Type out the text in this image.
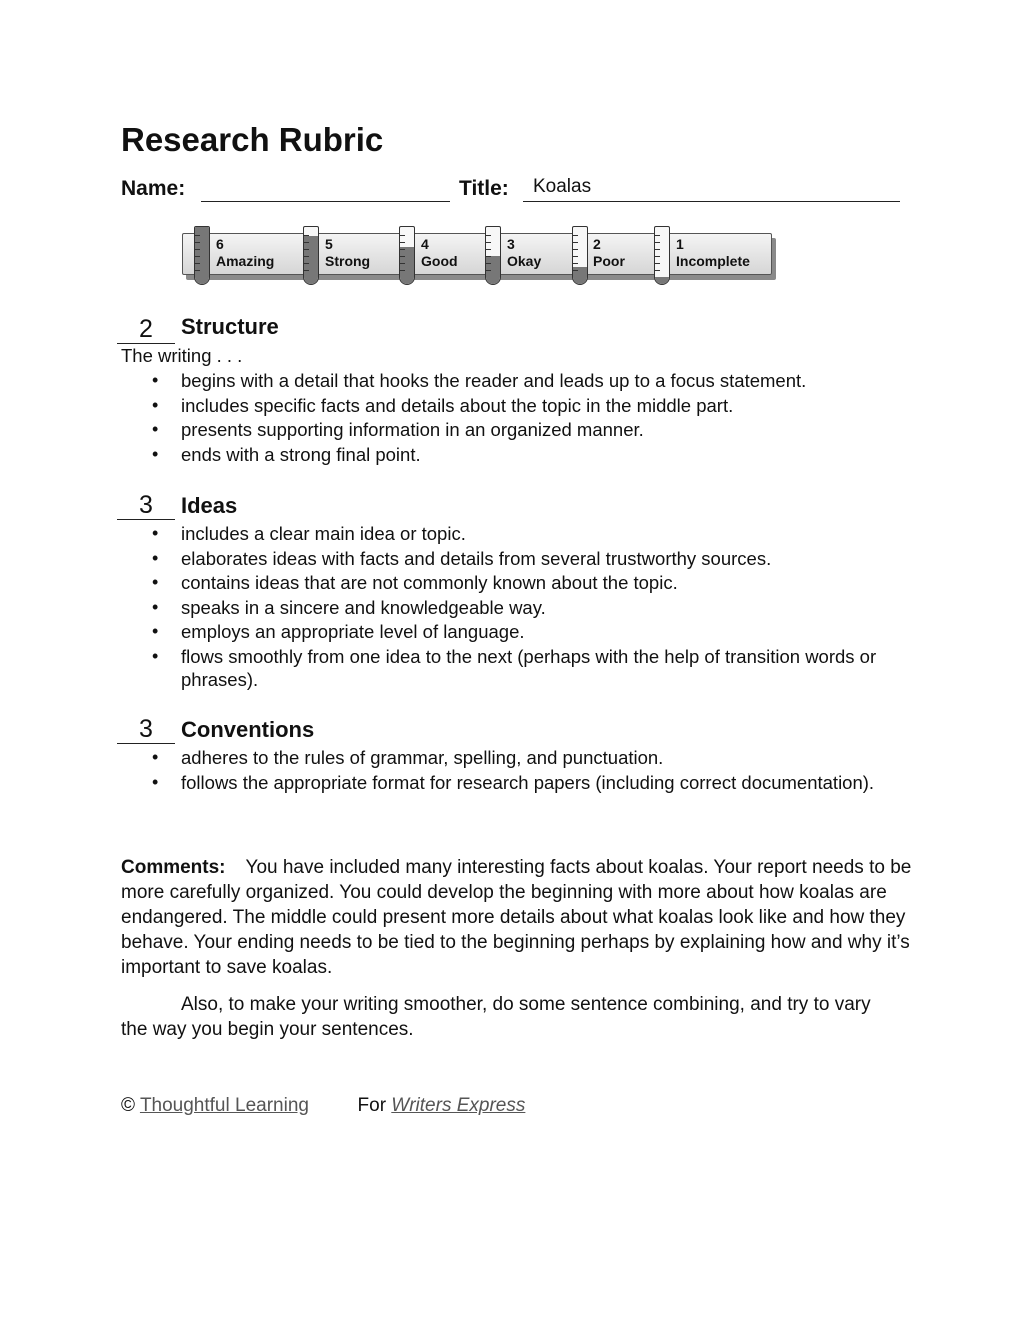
Research Rubric
Name:	Title: Koalas
6
Amazing
5
Strong
4
Good
3
Okay
2
Poor
1
Incomplete
2	Structure
The writing . . .
• begins with a detail that hooks the reader and leads up to a focus statement.
• includes specific facts and details about the topic in the middle part.
• presents supporting information in an organized manner.
• ends with a strong final point.
3	Ideas
• includes a clear main idea or topic.
• elaborates ideas with facts and details from several trustworthy sources.
• contains ideas that are not commonly known about the topic.
• speaks in a sincere and knowledgeable way.
• employs an appropriate level of language.
• flows smoothly from one idea to the next (perhaps with the help of transition words or phrases).
3	Conventions
• adheres to the rules of grammar, spelling, and punctuation.
• follows the appropriate format for research papers (including correct documentation).

Comments: You have included many interesting facts about koalas. Your report needs to be more carefully organized. You could develop the beginning with more about how koalas are endangered. The middle could present more details about what koalas look like and how they behave. Your ending needs to be tied to the beginning perhaps by explaining how and why it’s important to save koalas.

Also, to make your writing smoother, do some sentence combining, and try to vary the way you begin your sentences.

© Thoughtful Learning	For Writers Express
